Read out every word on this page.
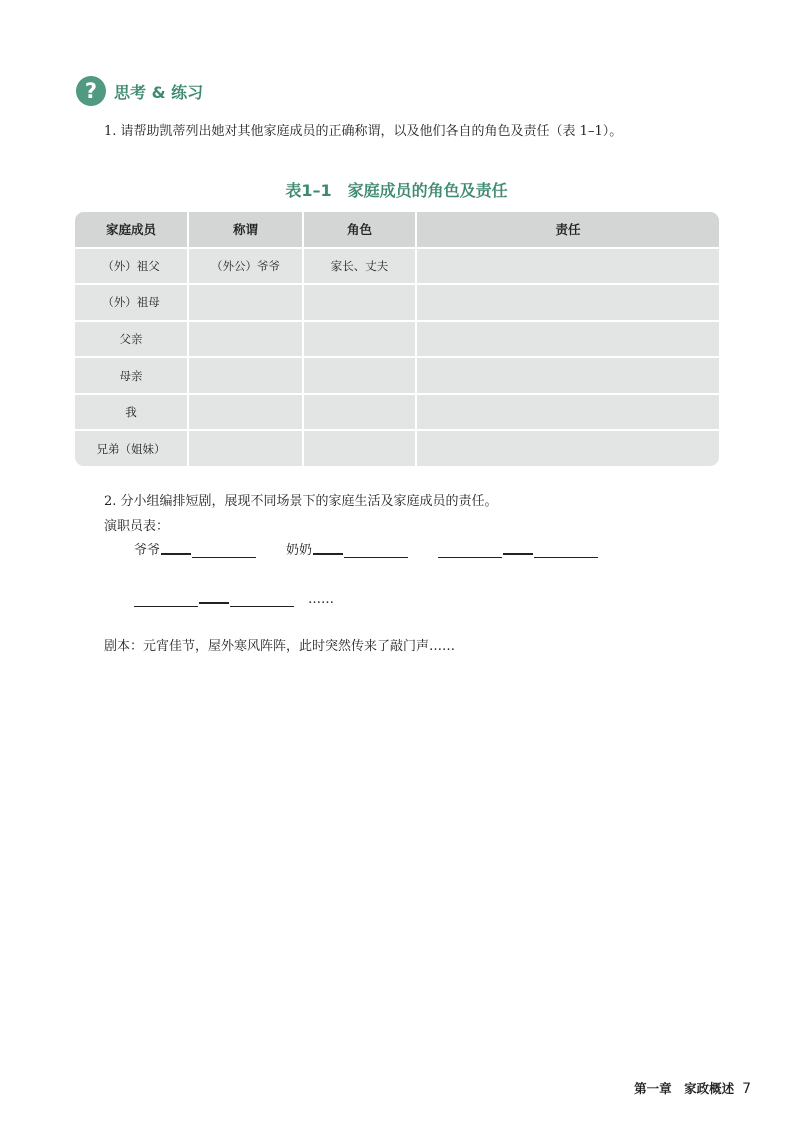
?	思考 & 练习
1. 请帮助凯蒂列出她对其他家庭成员的正确称谓，以及他们各自的角色及责任（表 1–1）。
表1–1　家庭成员的角色及责任
家庭成员	称谓	角色	责任
（外）祖父	（外公）爷爷	家长、丈夫	
（外）祖母			
父亲			
母亲			
我			
兄弟（姐妹）			
2. 分小组编排短剧，展现不同场景下的家庭生活及家庭成员的责任。
演职员表：
爷爷	奶奶
……
剧本：元宵佳节，屋外寒风阵阵，此时突然传来了敲门声……
第一章　家政概述 7
